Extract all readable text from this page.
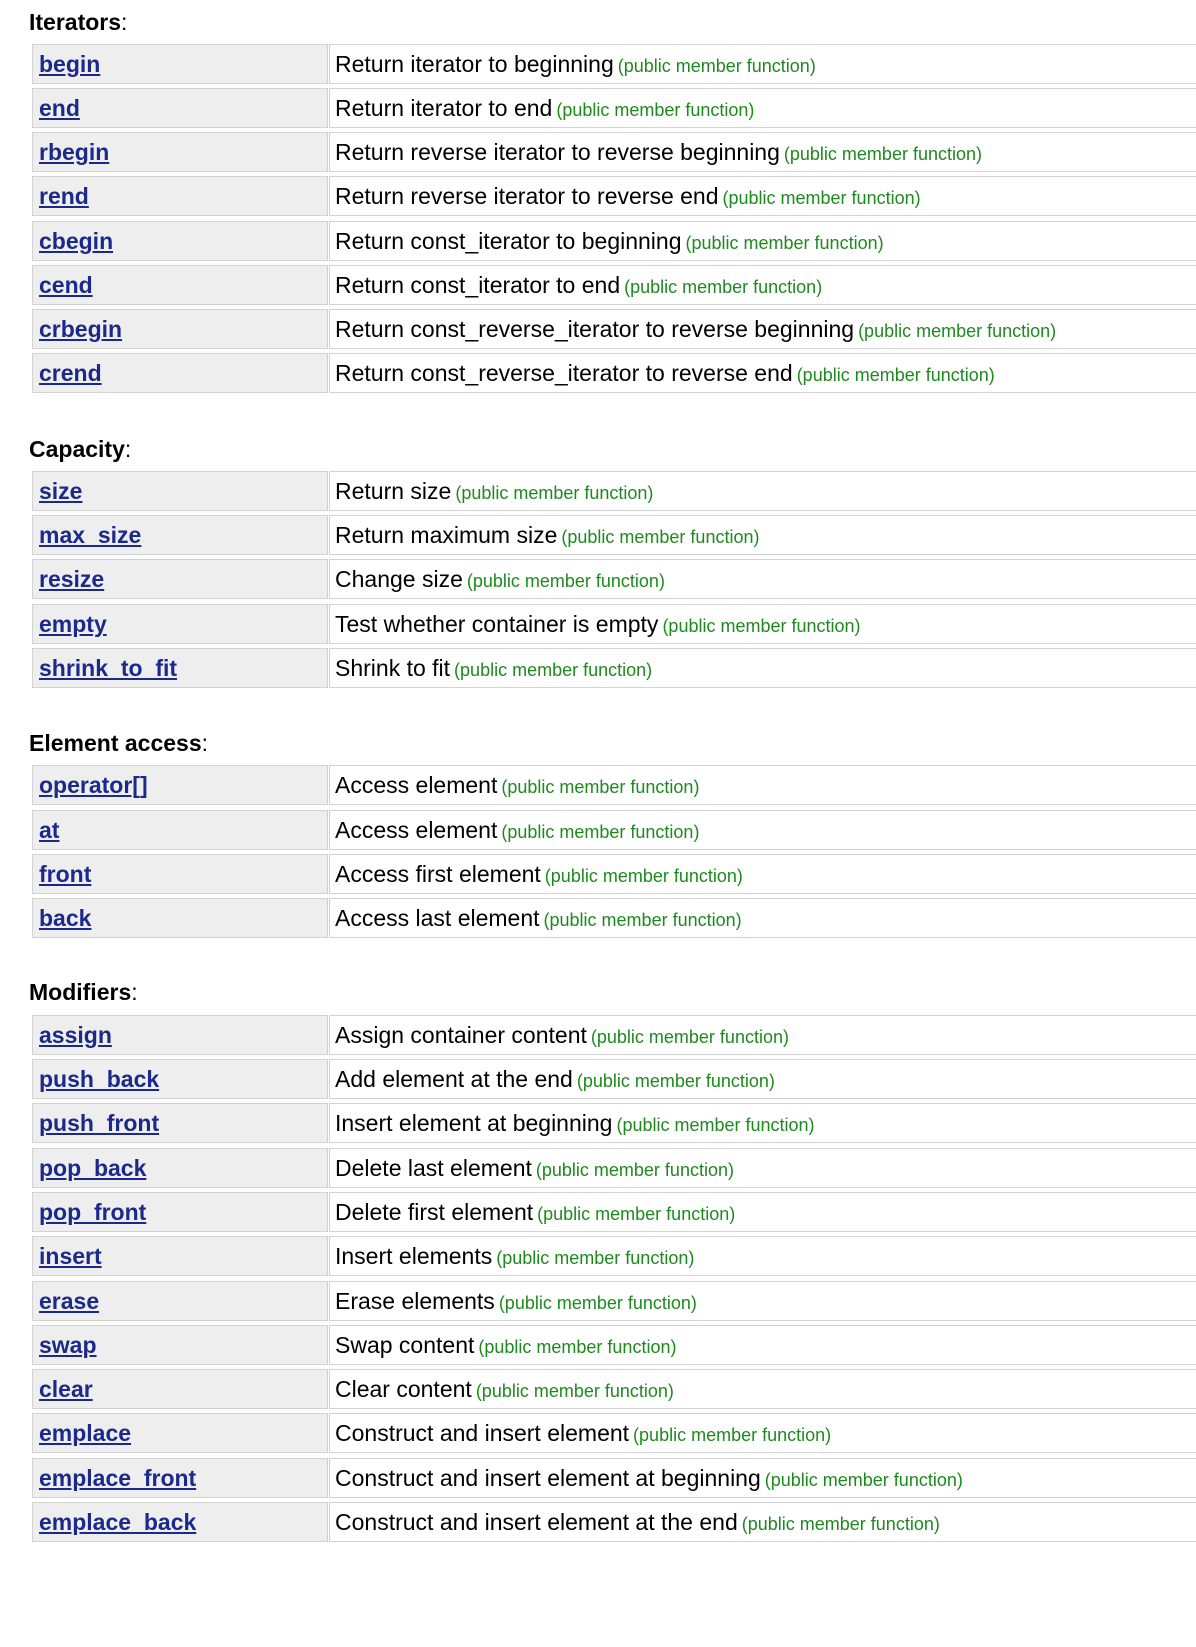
Iterators:
begin	Return iterator to beginning (public member function)
end	Return iterator to end (public member function)
rbegin	Return reverse iterator to reverse beginning (public member function)
rend	Return reverse iterator to reverse end (public member function)
cbegin	Return const_iterator to beginning (public member function)
cend	Return const_iterator to end (public member function)
crbegin	Return const_reverse_iterator to reverse beginning (public member function)
crend	Return const_reverse_iterator to reverse end (public member function)
Capacity:
size	Return size (public member function)
max_size	Return maximum size (public member function)
resize	Change size (public member function)
empty	Test whether container is empty (public member function)
shrink_to_fit	Shrink to fit (public member function)
Element access:
operator[]	Access element (public member function)
at	Access element (public member function)
front	Access first element (public member function)
back	Access last element (public member function)
Modifiers:
assign	Assign container content (public member function)
push_back	Add element at the end (public member function)
push_front	Insert element at beginning (public member function)
pop_back	Delete last element (public member function)
pop_front	Delete first element (public member function)
insert	Insert elements (public member function)
erase	Erase elements (public member function)
swap	Swap content (public member function)
clear	Clear content (public member function)
emplace	Construct and insert element (public member function)
emplace_front	Construct and insert element at beginning (public member function)
emplace_back	Construct and insert element at the end (public member function)
